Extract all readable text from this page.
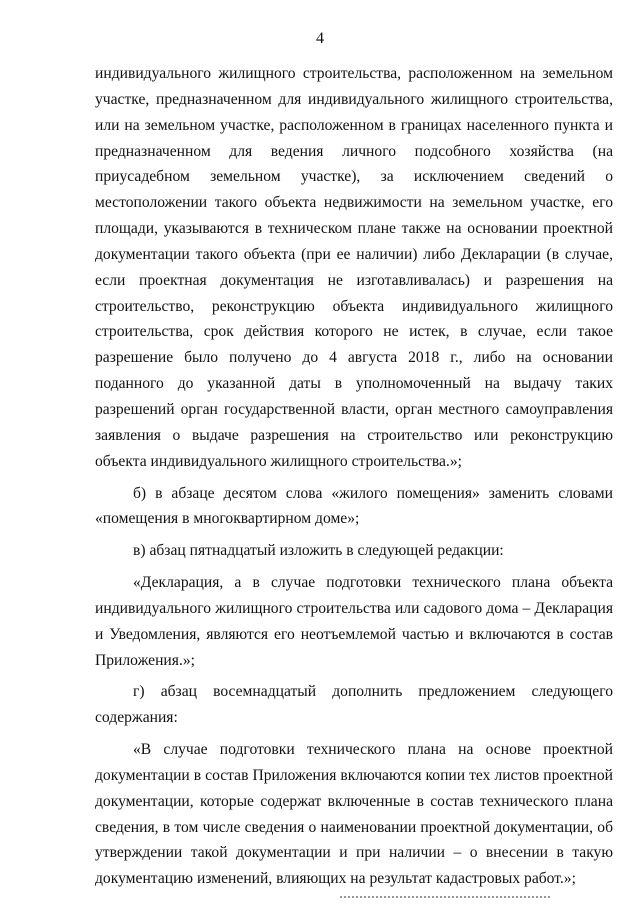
4

индивидуального жилищного строительства, расположенном на земельном участке, предназначенном для индивидуального жилищного строительства, или на земельном участке, расположенном в границах населенного пункта и предназначенном для ведения личного подсобного хозяйства (на приусадебном земельном участке), за исключением сведений о местоположении такого объекта недвижимости на земельном участке, его площади, указываются в техническом плане также на основании проектной документации такого объекта (при ее наличии) либо Декларации (в случае, если проектная документация не изготавливалась) и разрешения на строительство, реконструкцию объекта индивидуального жилищного строительства, срок действия которого не истек, в случае, если такое разрешение было получено до 4 августа 2018 г., либо на основании поданного до указанной даты в уполномоченный на выдачу таких разрешений орган государственной власти, орган местного самоуправления заявления о выдаче разрешения на строительство или реконструкцию объекта индивидуального жилищного строительства.»;

б) в абзаце десятом слова «жилого помещения» заменить словами «помещения в многоквартирном доме»;

в) абзац пятнадцатый изложить в следующей редакции:

«Декларация, а в случае подготовки технического плана объекта индивидуального жилищного строительства или садового дома – Декларация и Уведомления, являются его неотъемлемой частью и включаются в состав Приложения.»;

г) абзац восемнадцатый дополнить предложением следующего содержания:

«В случае подготовки технического плана на основе проектной документации в состав Приложения включаются копии тех листов проектной документации, которые содержат включенные в состав технического плана сведения, в том числе сведения о наименовании проектной документации, об утверждении такой документации и при наличии – о внесении в такую документацию изменений, влияющих на результат кадастровых работ.»;
